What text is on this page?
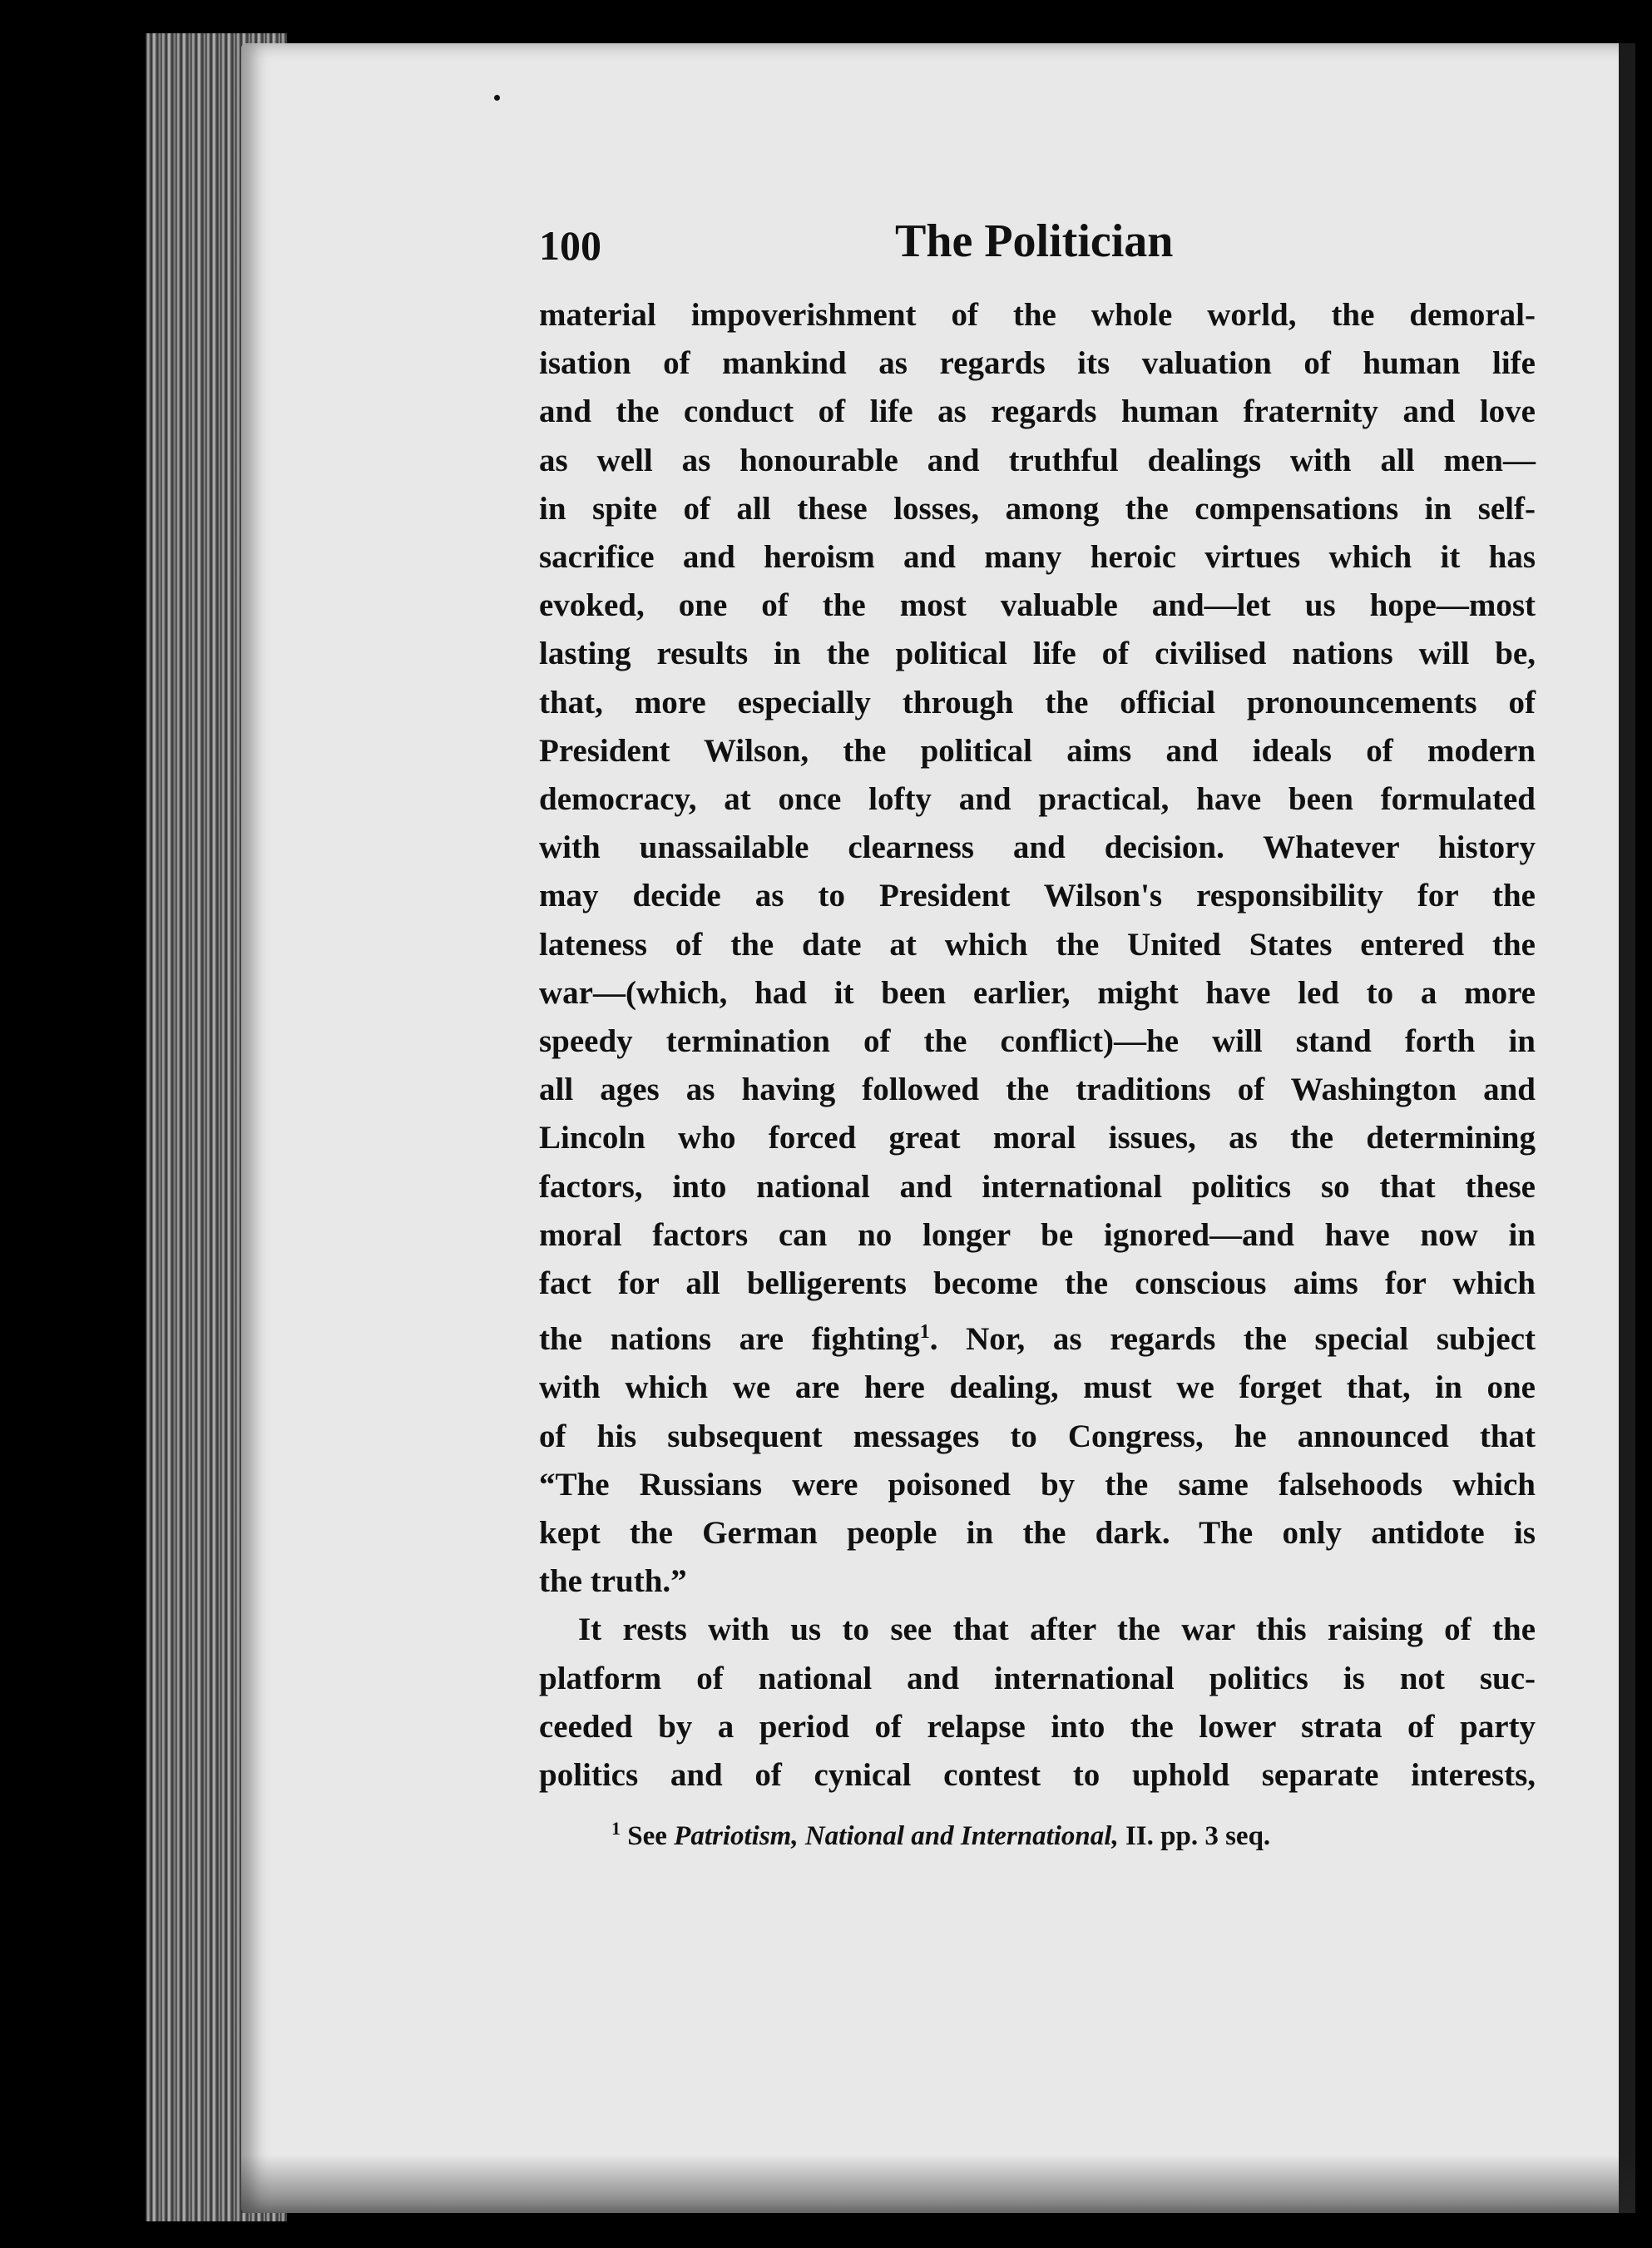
100	The Politician
material impoverishment of the whole world, the demoral-
isation of mankind as regards its valuation of human life
and the conduct of life as regards human fraternity and love
as well as honourable and truthful dealings with all men—
in spite of all these losses, among the compensations in self-
sacrifice and heroism and many heroic virtues which it has
evoked, one of the most valuable and—let us hope—most
lasting results in the political life of civilised nations will be,
that, more especially through the official pronouncements of
President Wilson, the political aims and ideals of modern
democracy, at once lofty and practical, have been formulated
with unassailable clearness and decision. Whatever history
may decide as to President Wilson's responsibility for the
lateness of the date at which the United States entered the
war—(which, had it been earlier, might have led to a more
speedy termination of the conflict)—he will stand forth in
all ages as having followed the traditions of Washington and
Lincoln who forced great moral issues, as the determining
factors, into national and international politics so that these
moral factors can no longer be ignored—and have now in
fact for all belligerents become the conscious aims for which
the nations are fighting$^1$. Nor, as regards the special subject
with which we are here dealing, must we forget that, in one
of his subsequent messages to Congress, he announced that
“The Russians were poisoned by the same falsehoods which
kept the German people in the dark. The only antidote is
the truth.”
It rests with us to see that after the war this raising of the
platform of national and international politics is not suc-
ceeded by a period of relapse into the lower strata of party
politics and of cynical contest to uphold separate interests,
$^1$ See Patriotism, National and International, II. pp. 3 seq.
